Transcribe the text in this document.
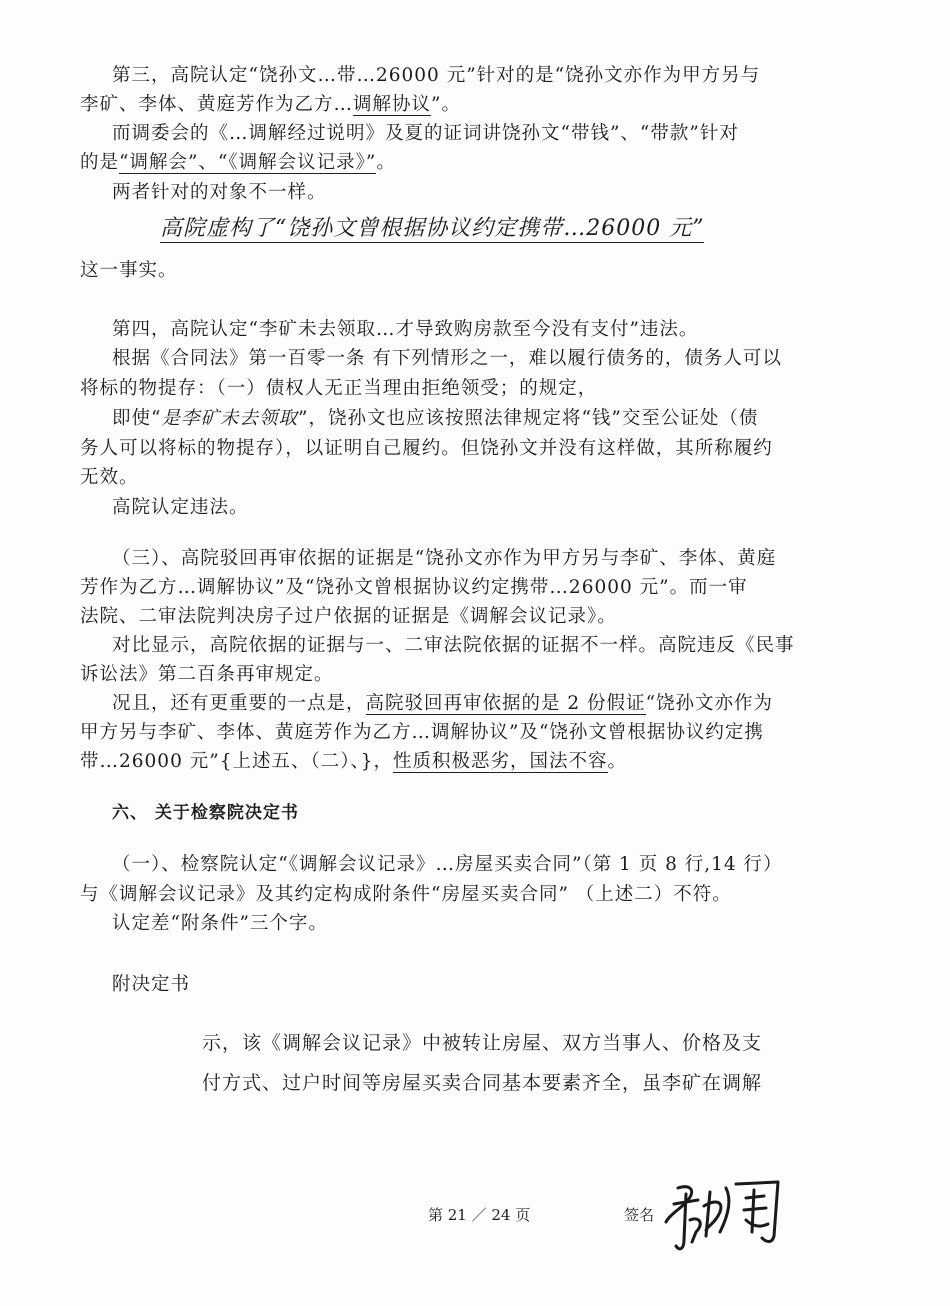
第三，高院认定“饶孙文…带…26000 元”针对的是“饶孙文亦作为甲方另与
李矿、李体、黄庭芳作为乙方…调解协议”。
而调委会的《…调解经过说明》及夏的证词讲饶孙文“带钱”、“带款”针对
的是“调解会”、“《调解会议记录》”。
两者针对的对象不一样。
高院虚构了“饶孙文曾根据协议约定携带…26000 元”
这一事实。
第四，高院认定“李矿未去领取…才导致购房款至今没有支付”违法。
根据《合同法》第一百零一条 有下列情形之一，难以履行债务的，债务人可以
将标的物提存：（一）债权人无正当理由拒绝领受；的规定，
即使“是李矿未去领取”，饶孙文也应该按照法律规定将“钱”交至公证处（债
务人可以将标的物提存），以证明自己履约。但饶孙文并没有这样做，其所称履约
无效。
高院认定违法。
（三）、高院驳回再审依据的证据是“饶孙文亦作为甲方另与李矿、李体、黄庭
芳作为乙方…调解协议”及“饶孙文曾根据协议约定携带…26000 元”。而一审
法院、二审法院判决房子过户依据的证据是《调解会议记录》。
对比显示，高院依据的证据与一、二审法院依据的证据不一样。高院违反《民事
诉讼法》第二百条再审规定。
况且，还有更重要的一点是，高院驳回再审依据的是 2 份假证“饶孙文亦作为
甲方另与李矿、李体、黄庭芳作为乙方…调解协议”及“饶孙文曾根据协议约定携
带…26000 元”{上述五、（二）、}，性质积极恶劣，国法不容。
六、 关于检察院决定书
（一）、检察院认定“《调解会议记录》…房屋买卖合同”（第 1 页 8 行,14 行）
与《调解会议记录》及其约定构成附条件“房屋买卖合同” （上述二）不符。
认定差“附条件”三个字。
附决定书
示，该《调解会议记录》中被转让房屋、双方当事人、价格及支
付方式、过户时间等房屋买卖合同基本要素齐全，虽李矿在调解
第 21 ／ 24 页	签名
